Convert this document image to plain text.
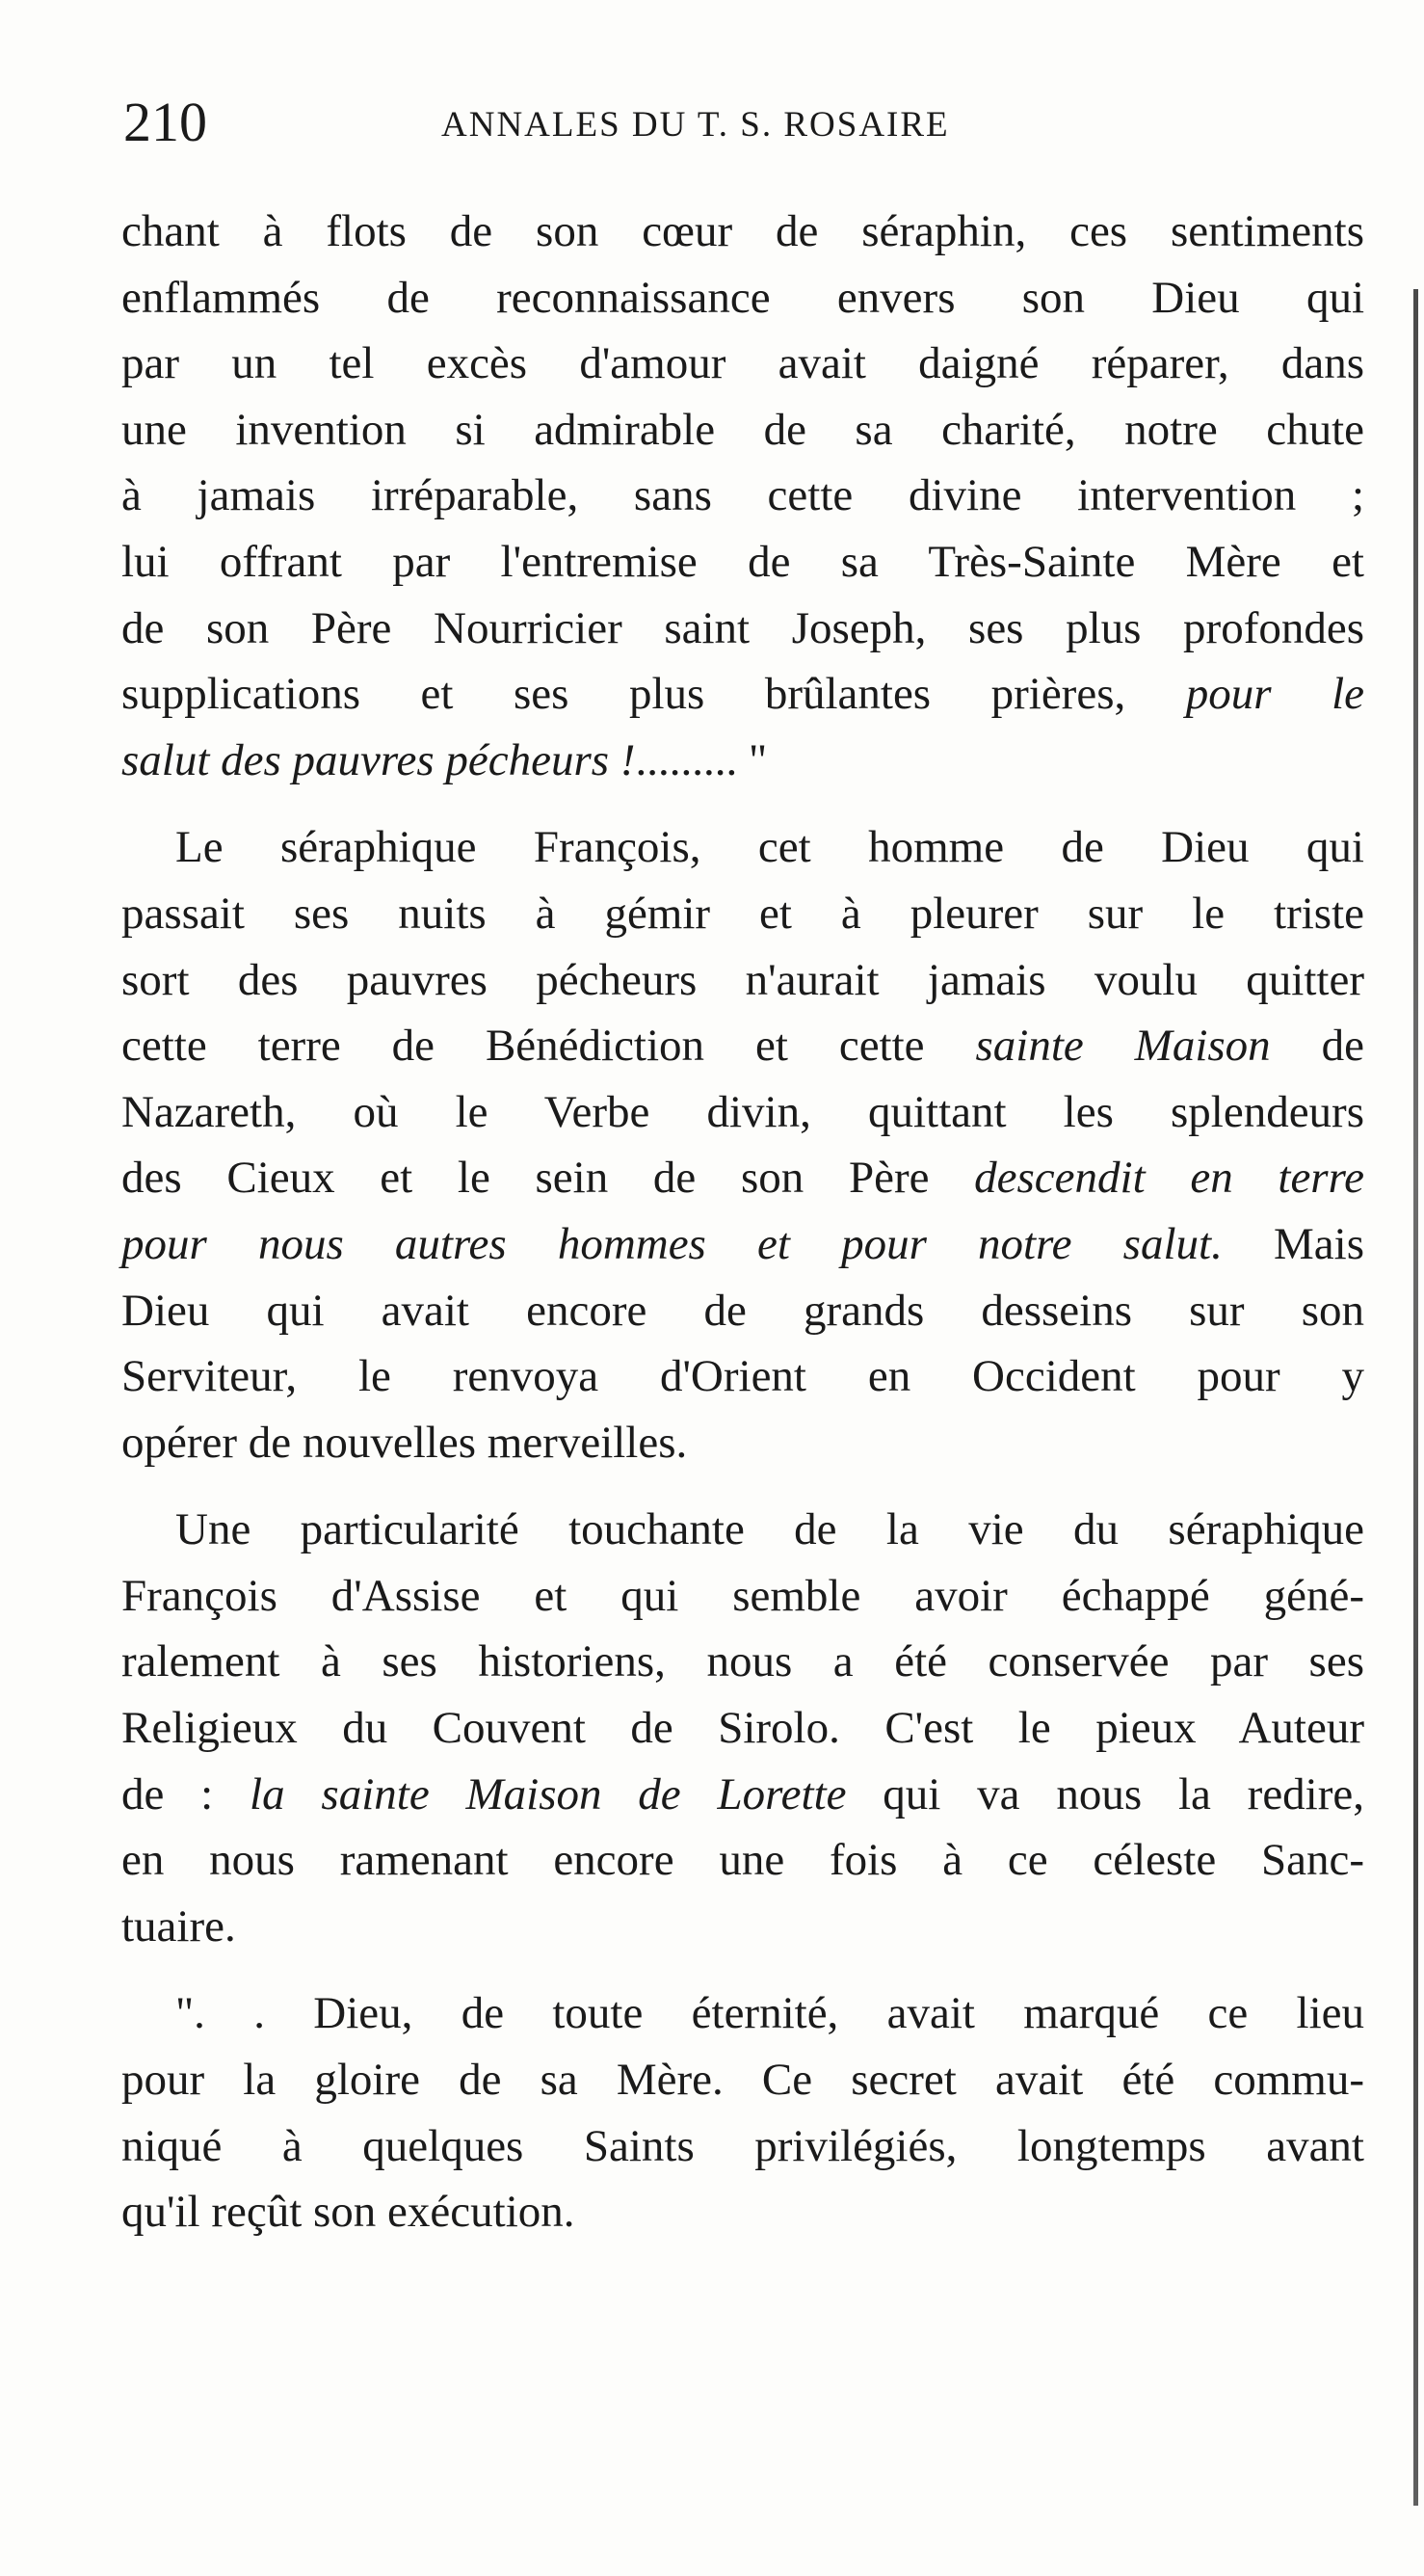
210	ANNALES DU T. S. ROSAIRE
chant à flots de son cœur de séraphin, ces sentiments
enflammés de reconnaissance envers son Dieu qui
par un tel excès d'amour avait daigné réparer, dans
une invention si admirable de sa charité, notre chute
à jamais irréparable, sans cette divine intervention ;
lui offrant par l'entremise de sa Très-Sainte Mère et
de son Père Nourricier saint Joseph, ses plus profondes
supplications et ses plus brûlantes prières, pour le
salut des pauvres pécheurs !......... "
Le séraphique François, cet homme de Dieu qui
passait ses nuits à gémir et à pleurer sur le triste
sort des pauvres pécheurs n'aurait jamais voulu quitter
cette terre de Bénédiction et cette sainte Maison de
Nazareth, où le Verbe divin, quittant les splendeurs
des Cieux et le sein de son Père descendit en terre
pour nous autres hommes et pour notre salut. Mais
Dieu qui avait encore de grands desseins sur son
Serviteur, le renvoya d'Orient en Occident pour y
opérer de nouvelles merveilles.
Une particularité touchante de la vie du séraphique
François d'Assise et qui semble avoir échappé géné-
ralement à ses historiens, nous a été conservée par ses
Religieux du Couvent de Sirolo. C'est le pieux Auteur
de : la sainte Maison de Lorette qui va nous la redire,
en nous ramenant encore une fois à ce céleste Sanc-
tuaire.
". . Dieu, de toute éternité, avait marqué ce lieu
pour la gloire de sa Mère. Ce secret avait été commu-
niqué à quelques Saints privilégiés, longtemps avant
qu'il reçût son exécution.
